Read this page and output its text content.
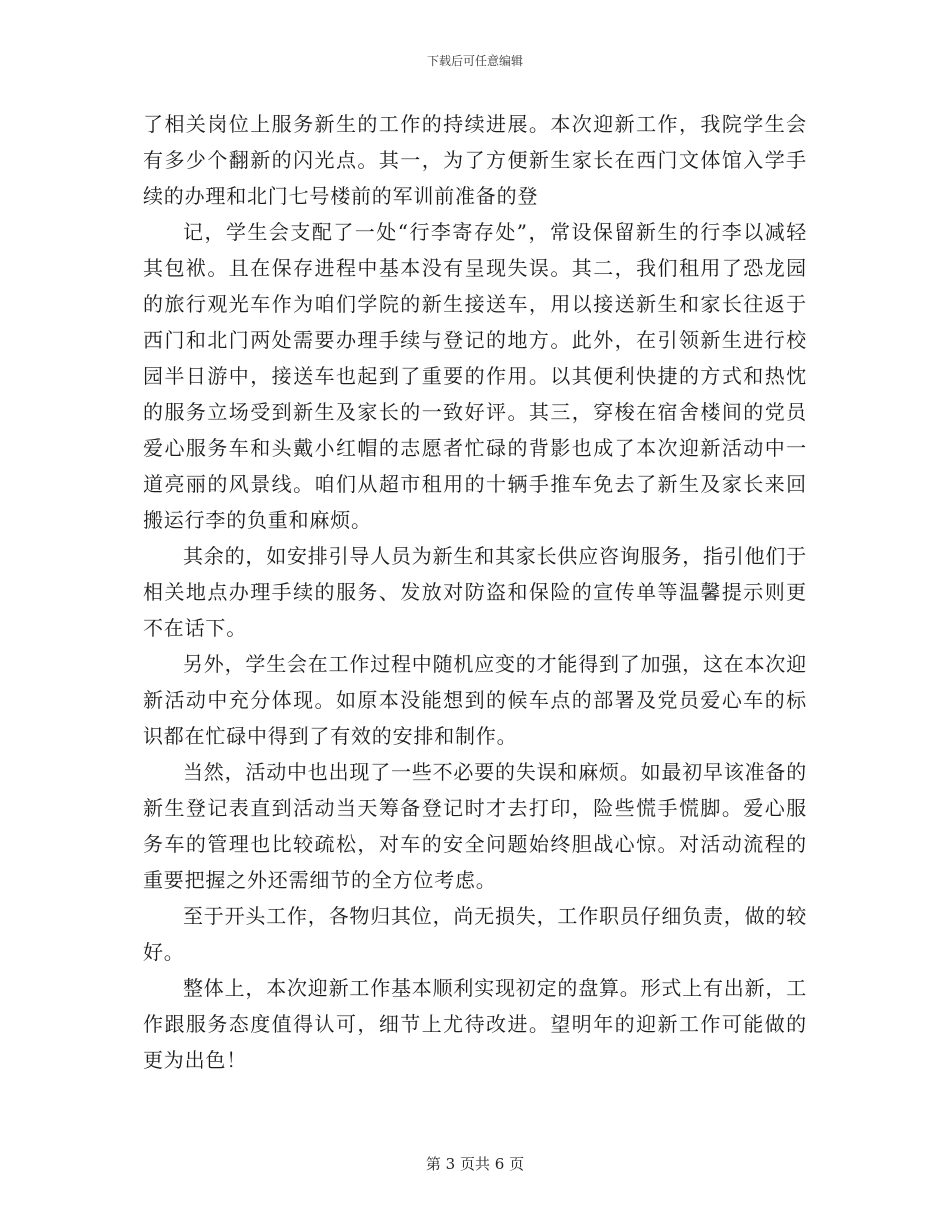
下载后可任意编辑

了相关岗位上服务新生的工作的持续进展。本次迎新工作，我院学生会有多少个翻新的闪光点。其一，为了方便新生家长在西门文体馆入学手续的办理和北门七号楼前的军训前准备的登

记，学生会支配了一处“行李寄存处”，常设保留新生的行李以减轻其包袱。且在保存进程中基本没有呈现失误。其二，我们租用了恐龙园的旅行观光车作为咱们学院的新生接送车，用以接送新生和家长往返于西门和北门两处需要办理手续与登记的地方。此外，在引领新生进行校园半日游中，接送车也起到了重要的作用。以其便利快捷的方式和热忱的服务立场受到新生及家长的一致好评。其三，穿梭在宿舍楼间的党员爱心服务车和头戴小红帽的志愿者忙碌的背影也成了本次迎新活动中一道亮丽的风景线。咱们从超市租用的十辆手推车免去了新生及家长来回搬运行李的负重和麻烦。

其余的，如安排引导人员为新生和其家长供应咨询服务，指引他们于相关地点办理手续的服务、发放对防盗和保险的宣传单等温馨提示则更不在话下。

另外，学生会在工作过程中随机应变的才能得到了加强，这在本次迎新活动中充分体现。如原本没能想到的候车点的部署及党员爱心车的标识都在忙碌中得到了有效的安排和制作。

当然，活动中也出现了一些不必要的失误和麻烦。如最初早该准备的新生登记表直到活动当天筹备登记时才去打印，险些慌手慌脚。爱心服务车的管理也比较疏松，对车的安全问题始终胆战心惊。对活动流程的重要把握之外还需细节的全方位考虑。

至于开头工作，各物归其位，尚无损失，工作职员仔细负责，做的较好。

整体上，本次迎新工作基本顺利实现初定的盘算。形式上有出新，工作跟服务态度值得认可，细节上尤待改进。望明年的迎新工作可能做的更为出色！

第 3 页共 6 页
